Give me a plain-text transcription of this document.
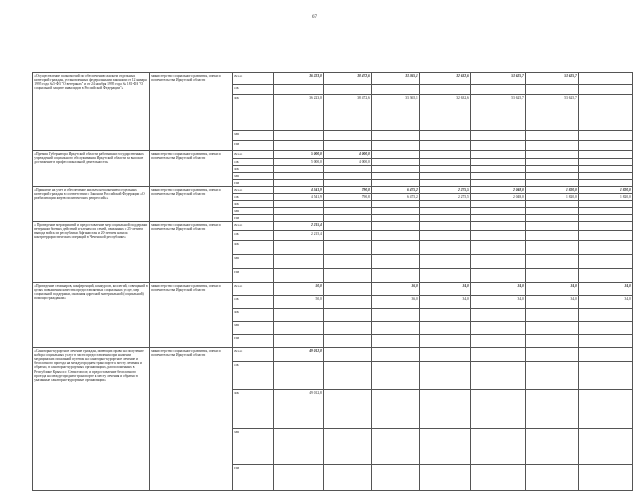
67
«Осуществление полномочий по обеспечению жильем отдельных категорий граждан, установленных федеральными законами от 12 января 1995 года №5-ФЗ "О ветеранах" и от 24 ноября 1995 года № 181-ФЗ "О социальной защите инвалидов в Российской Федерации"»	министерство социального развития, опеки и попечительства Иркутской области	Всего	36 223,0	38 472,6	33 365,1	32 632,6	53 625,7	53 625,7	
		ОБ							
		ФБ	36 223,0	38 472,6	33 365,1	32 632,6	53 625,7	53 625,7	
		МБ							
		ИИ							
«Премия Губернатора Иркутской области работникам государственных учреждений социального обслуживания Иркутской области за высокое достижение в профессиональной деятельности»	министерство социального развития, опеки и попечительства Иркутской области	Всего	5 000,0	4 000,0					
		ОБ	5 000,0	4 000,0					
		ФБ							
		МБ							
		ИИ							
«Принятие на учет и обеспечение жильем неполнением отдельных категорий граждан в соответствии с Законом Российской Федерации «О реабилитации жертв политических репрессий»»	министерство социального развития, опеки и попечительства Иркутской области	Всего	4 541,9	790,8	6 475,2	2 275,5	2 048,0	1 820,0	1 820,0
		ОБ	4 541,9	790,8	6 475,2	2 275,5	2 048,0	1 820,0	1 820,0
		ФБ							
		МБ							
		ИИ							
« Проведение мероприятий и предоставление мер социальной поддержки ветеранам боевых действий и членам их семей, связанных с 25-летием вывода войск из республики Афганистан и 20-летием начала контртеррористических операций в Чеченской республике»	министерство социального развития, опеки и попечительства Иркутской области	Всего	2 215,4						
		ОБ	2 215,4						
		ФБ							
		МБ							
		ИИ							
«Проведение семинаров, конференций, конкурсов, коллегий, совещаний в целях повышения качества предоставляемых социальных услуг, мер социальной поддержки, оказания адресной материальной (социальной) помощи гражданам»	министерство социального развития, опеки и попечительства Иркутской области	Всего	50,0		36,0	34,0	34,0	34,0	34,0
		ОБ	50,0		36,0	34,0	34,0	34,0	34,0
		ФБ							
		МБ							
		ИИ							
«Санаторно-курортное лечение граждан, имеющих право на получение набора социальных услуг в части предоставления при наличии медицинских показаний путевок на санаторно-курортное лечение и бесплатного проезда на междугороднем транспорте к месту лечения и обратно, в санаторно-курортных организациях, расположенных в Республике Крым и г. Севастополе, и предоставление бесплатного проезда на междугороднем транспорте к месту лечения и обратно в указанные санаторно-курортные организации»	министерство социального развития, опеки и попечительства Иркутской области	Всего	49 012,8						
		ОБ							
		ФБ	49 012,8						
		МБ							
		ИИ							
